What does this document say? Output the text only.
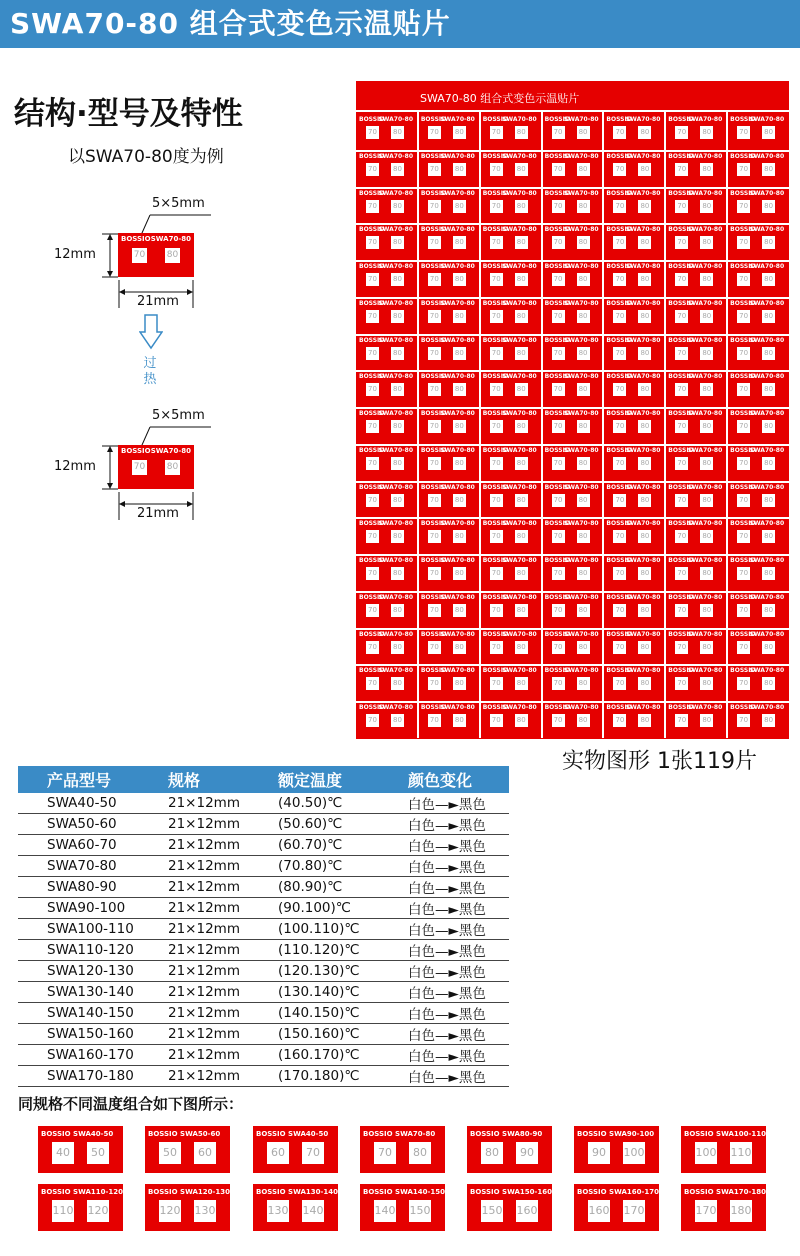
SWA70-80 组合式变色示温贴片
结构·型号及特性
以SWA70-80度为例
5×5mm
12mm
21mm
BOSSIO SWA70-80
70 80
过热
5×5mm
12mm
21mm
BOSSIO SWA70-80
70 80
SWA70-80 组合式变色示温贴片
BOSSIO
SWA70-80
70 80
BOSSIO
SWA70-80
70 80
BOSSIO
SWA70-80
70 80
BOSSIO
SWA70-80
70 80
BOSSIO
SWA70-80
70 80
BOSSIO
SWA70-80
70 80
BOSSIO
SWA70-80
70 80
BOSSIO
SWA70-80
70 80
BOSSIO
SWA70-80
70 80
BOSSIO
SWA70-80
70 80
BOSSIO
SWA70-80
70 80
BOSSIO
SWA70-80
70 80
BOSSIO
SWA70-80
70 80
BOSSIO
SWA70-80
70 80
BOSSIO
SWA70-80
70 80
BOSSIO
SWA70-80
70 80
BOSSIO
SWA70-80
70 80
BOSSIO
SWA70-80
70 80
BOSSIO
SWA70-80
70 80
BOSSIO
SWA70-80
70 80
BOSSIO
SWA70-80
70 80
BOSSIO
SWA70-80
70 80
BOSSIO
SWA70-80
70 80
BOSSIO
SWA70-80
70 80
BOSSIO
SWA70-80
70 80
BOSSIO
SWA70-80
70 80
BOSSIO
SWA70-80
70 80
BOSSIO
SWA70-80
70 80
BOSSIO
SWA70-80
70 80
BOSSIO
SWA70-80
70 80
BOSSIO
SWA70-80
70 80
BOSSIO
SWA70-80
70 80
BOSSIO
SWA70-80
70 80
BOSSIO
SWA70-80
70 80
BOSSIO
SWA70-80
70 80
BOSSIO
SWA70-80
70 80
BOSSIO
SWA70-80
70 80
BOSSIO
SWA70-80
70 80
BOSSIO
SWA70-80
70 80
BOSSIO
SWA70-80
70 80
BOSSIO
SWA70-80
70 80
BOSSIO
SWA70-80
70 80
BOSSIO
SWA70-80
70 80
BOSSIO
SWA70-80
70 80
BOSSIO
SWA70-80
70 80
BOSSIO
SWA70-80
70 80
BOSSIO
SWA70-80
70 80
BOSSIO
SWA70-80
70 80
BOSSIO
SWA70-80
70 80
BOSSIO
SWA70-80
70 80
BOSSIO
SWA70-80
70 80
BOSSIO
SWA70-80
70 80
BOSSIO
SWA70-80
70 80
BOSSIO
SWA70-80
70 80
BOSSIO
SWA70-80
70 80
BOSSIO
SWA70-80
70 80
BOSSIO
SWA70-80
70 80
BOSSIO
SWA70-80
70 80
BOSSIO
SWA70-80
70 80
BOSSIO
SWA70-80
70 80
BOSSIO
SWA70-80
70 80
BOSSIO
SWA70-80
70 80
BOSSIO
SWA70-80
70 80
BOSSIO
SWA70-80
70 80
BOSSIO
SWA70-80
70 80
BOSSIO
SWA70-80
70 80
BOSSIO
SWA70-80
70 80
BOSSIO
SWA70-80
70 80
BOSSIO
SWA70-80
70 80
BOSSIO
SWA70-80
70 80
BOSSIO
SWA70-80
70 80
BOSSIO
SWA70-80
70 80
BOSSIO
SWA70-80
70 80
BOSSIO
SWA70-80
70 80
BOSSIO
SWA70-80
70 80
BOSSIO
SWA70-80
70 80
BOSSIO
SWA70-80
70 80
BOSSIO
SWA70-80
70 80
BOSSIO
SWA70-80
70 80
BOSSIO
SWA70-80
70 80
BOSSIO
SWA70-80
70 80
BOSSIO
SWA70-80
70 80
BOSSIO
SWA70-80
70 80
BOSSIO
SWA70-80
70 80
BOSSIO
SWA70-80
70 80
BOSSIO
SWA70-80
70 80
BOSSIO
SWA70-80
70 80
BOSSIO
SWA70-80
70 80
BOSSIO
SWA70-80
70 80
BOSSIO
SWA70-80
70 80
BOSSIO
SWA70-80
70 80
BOSSIO
SWA70-80
70 80
BOSSIO
SWA70-80
70 80
BOSSIO
SWA70-80
70 80
BOSSIO
SWA70-80
70 80
BOSSIO
SWA70-80
70 80
BOSSIO
SWA70-80
70 80
BOSSIO
SWA70-80
70 80
BOSSIO
SWA70-80
70 80
BOSSIO
SWA70-80
70 80
BOSSIO
SWA70-80
70 80
BOSSIO
SWA70-80
70 80
BOSSIO
SWA70-80
70 80
BOSSIO
SWA70-80
70 80
BOSSIO
SWA70-80
70 80
BOSSIO
SWA70-80
70 80
BOSSIO
SWA70-80
70 80
BOSSIO
SWA70-80
70 80
BOSSIO
SWA70-80
70 80
BOSSIO
SWA70-80
70 80
BOSSIO
SWA70-80
70 80
BOSSIO
SWA70-80
70 80
BOSSIO
SWA70-80
70 80
BOSSIO
SWA70-80
70 80
BOSSIO
SWA70-80
70 80
BOSSIO
SWA70-80
70 80
BOSSIO
SWA70-80
70 80
BOSSIO
SWA70-80
70 80
BOSSIO
SWA70-80
70 80
实物图形 1张119片
产品型号	规格	额定温度	颜色变化
SWA40-50	21×12mm	(40.50)℃	白色—►黑色
SWA50-60	21×12mm	(50.60)℃	白色—►黑色
SWA60-70	21×12mm	(60.70)℃	白色—►黑色
SWA70-80	21×12mm	(70.80)℃	白色—►黑色
SWA80-90	21×12mm	(80.90)℃	白色—►黑色
SWA90-100	21×12mm	(90.100)℃	白色—►黑色
SWA100-110	21×12mm	(100.110)℃	白色—►黑色
SWA110-120	21×12mm	(110.120)℃	白色—►黑色
SWA120-130	21×12mm	(120.130)℃	白色—►黑色
SWA130-140	21×12mm	(130.140)℃	白色—►黑色
SWA140-150	21×12mm	(140.150)℃	白色—►黑色
SWA150-160	21×12mm	(150.160)℃	白色—►黑色
SWA160-170	21×12mm	(160.170)℃	白色—►黑色
SWA170-180	21×12mm	(170.180)℃	白色—►黑色
同规格不同温度组合如下图所示：
BOSSIO SWA40-50
40	50
BOSSIO SWA50-60
50	60
BOSSIO SWA40-50
60	70
BOSSIO SWA70-80
70	80
BOSSIO SWA80-90
80	90
BOSSIO SWA90-100
90	100
BOSSIO SWA100-110
100 110
BOSSIO SWA110-120
110 120
BOSSIO SWA120-130
120 130
BOSSIO SWA130-140
130 140
BOSSIO SWA140-150
140 150
BOSSIO SWA150-160
150 160
BOSSIO SWA160-170
160 170
BOSSIO SWA170-180
170 180
